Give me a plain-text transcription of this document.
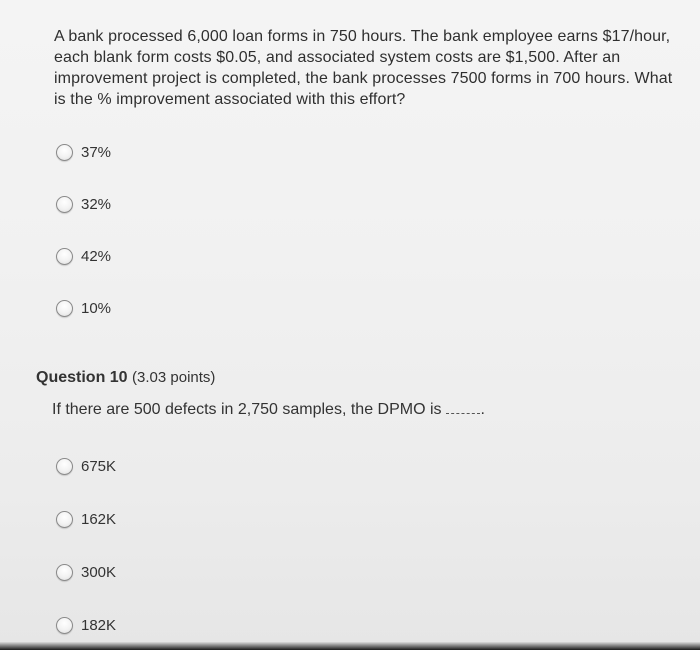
A bank processed 6,000 loan forms in 750 hours. The bank employee earns $17/hour, each blank form costs $0.05, and associated system costs are $1,500. After an improvement project is completed, the bank processes 7500 forms in 700 hours. What is the % improvement associated with this effort?

37%
32%
42%
10%
Question 10 (3.03 points)
If there are 500 defects in 2,750 samples, the DPMO is .
675K
162K
300K
182K
